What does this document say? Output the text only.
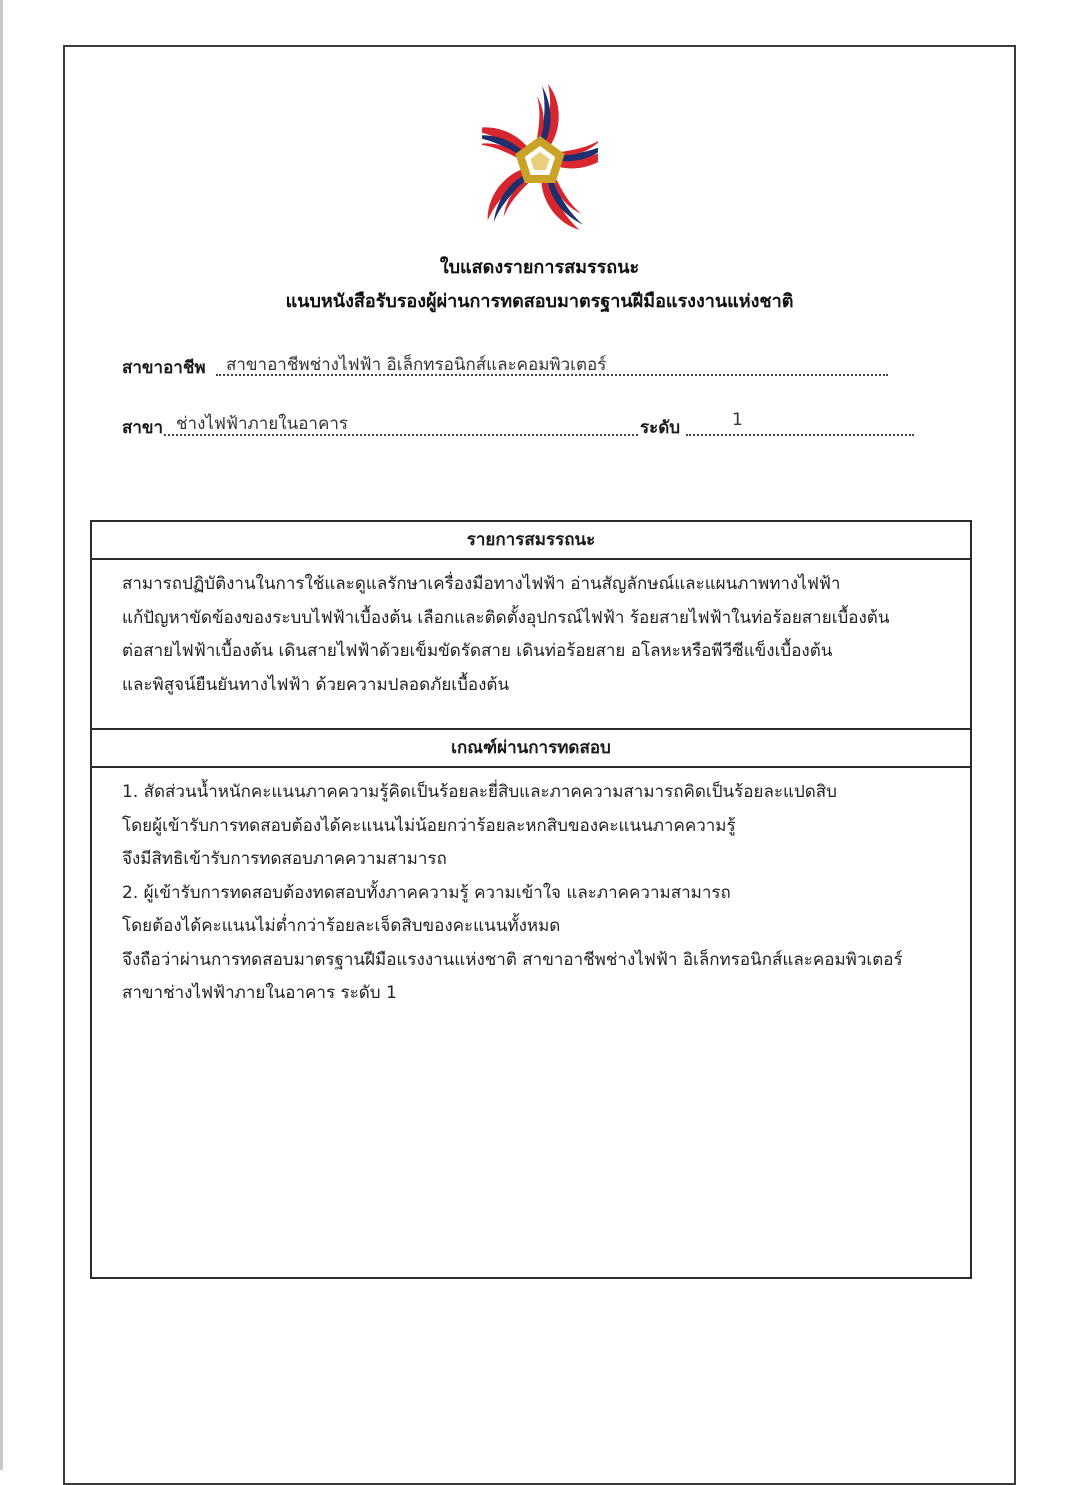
ใบแสดงรายการสมรรถนะ
แนบหนังสือรับรองผู้ผ่านการทดสอบมาตรฐานฝีมือแรงงานแห่งชาติ
สาขาอาชีพ สาขาอาชีพช่างไฟฟ้า อิเล็กทรอนิกส์และคอมพิวเตอร์
สาขา ช่างไฟฟ้าภายในอาคาร	ระดับ	1
รายการสมรรถนะ
สามารถปฏิบัติงานในการใช้และดูแลรักษาเครื่องมือทางไฟฟ้า อ่านสัญลักษณ์และแผนภาพทางไฟฟ้า
แก้ปัญหาขัดข้องของระบบไฟฟ้าเบื้องต้น เลือกและติดตั้งอุปกรณ์ไฟฟ้า ร้อยสายไฟฟ้าในท่อร้อยสายเบื้องต้น
ต่อสายไฟฟ้าเบื้องต้น เดินสายไฟฟ้าด้วยเข็มขัดรัดสาย เดินท่อร้อยสาย อโลหะหรือพีวีซีแข็งเบื้องต้น
และพิสูจน์ยืนยันทางไฟฟ้า ด้วยความปลอดภัยเบื้องต้น
เกณฑ์ผ่านการทดสอบ
1. สัดส่วนน้ำหนักคะแนนภาคความรู้คิดเป็นร้อยละยี่สิบและภาคความสามารถคิดเป็นร้อยละแปดสิบ
โดยผู้เข้ารับการทดสอบต้องได้คะแนนไม่น้อยกว่าร้อยละหกสิบของคะแนนภาคความรู้
จึงมีสิทธิเข้ารับการทดสอบภาคความสามารถ
2. ผู้เข้ารับการทดสอบต้องทดสอบทั้งภาคความรู้ ความเข้าใจ และภาคความสามารถ
โดยต้องได้คะแนนไม่ต่ำกว่าร้อยละเจ็ดสิบของคะแนนทั้งหมด
จึงถือว่าผ่านการทดสอบมาตรฐานฝีมือแรงงานแห่งชาติ สาขาอาชีพช่างไฟฟ้า อิเล็กทรอนิกส์และคอมพิวเตอร์
สาขาช่างไฟฟ้าภายในอาคาร ระดับ 1
